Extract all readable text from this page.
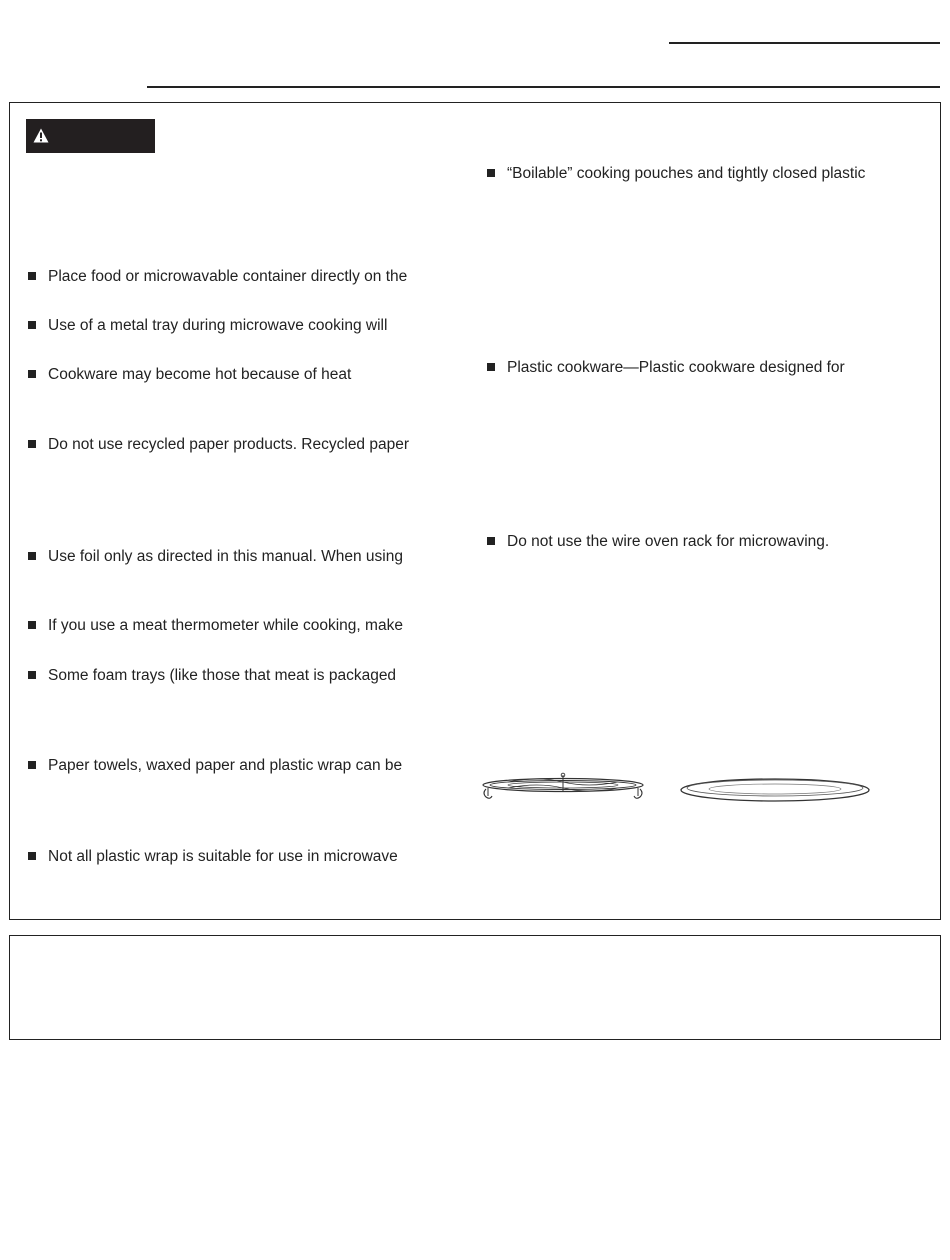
Place food or microwavable container directly on the
Use of a metal tray during microwave cooking will
Cookware may become hot because of heat
Do not use recycled paper products. Recycled paper
Use foil only as directed in this manual. When using
If you use a meat thermometer while cooking, make
Some foam trays (like those that meat is packaged
Paper towels, waxed paper and plastic wrap can be
Not all plastic wrap is suitable for use in microwave
“Boilable” cooking pouches and tightly closed plastic
Plastic cookware—Plastic cookware designed for
Do not use the wire oven rack for microwaving.
